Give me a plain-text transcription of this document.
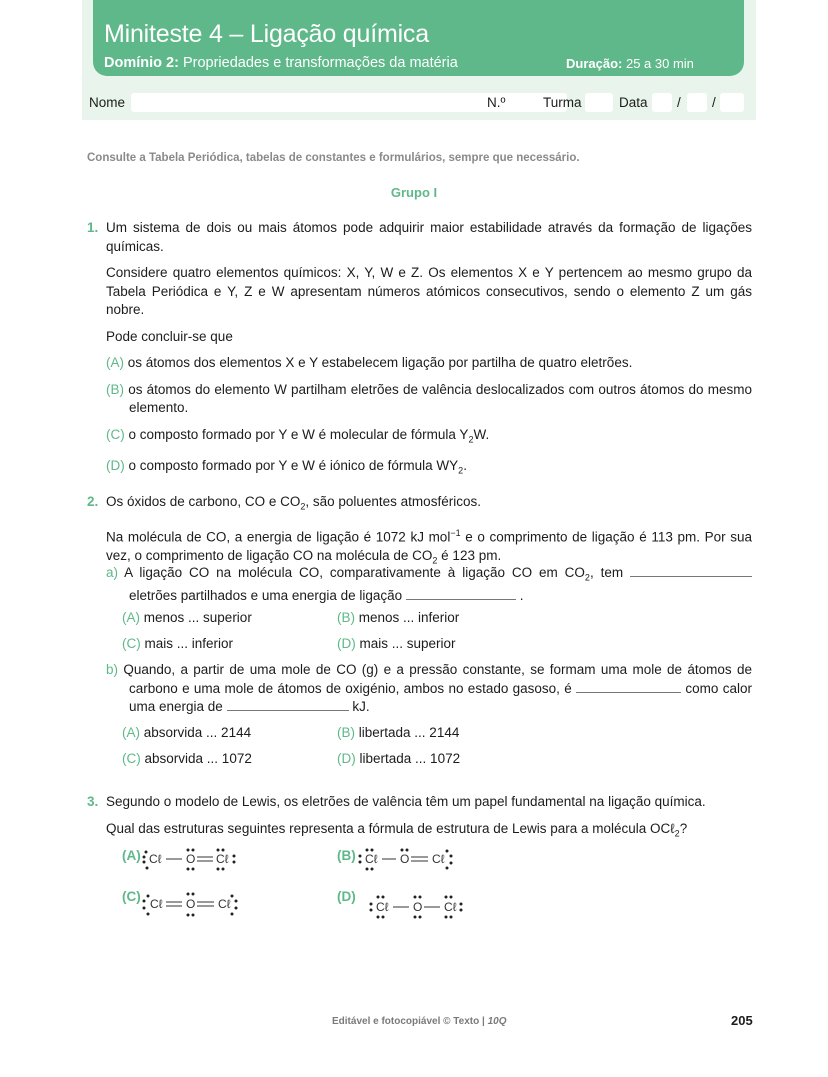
Miniteste 4 – Ligação química
Domínio 2: Propriedades e transformações da matéria	Duração: 25 a 30 min
Nome	N.º	Turma	Data / /
Consulte a Tabela Periódica, tabelas de constantes e formulários, sempre que necessário.
Grupo I
1. Um sistema de dois ou mais átomos pode adquirir maior estabilidade através da formação de ligações químicas.
Considere quatro elementos químicos: X, Y, W e Z. Os elementos X e Y pertencem ao mesmo grupo da Tabela Periódica e Y, Z e W apresentam números atómicos consecutivos, sendo o elemento Z um gás nobre.
Pode concluir-se que
(A) os átomos dos elementos X e Y estabelecem ligação por partilha de quatro eletrões.
(B) os átomos do elemento W partilham eletrões de valência deslocalizados com outros átomos do mesmo elemento.
(C) o composto formado por Y e W é molecular de fórmula $Y_2W$.
(D) o composto formado por Y e W é iónico de fórmula $WY_2$.
2. Os óxidos de carbono, CO e $CO_2$, são poluentes atmosféricos.
Na molécula de CO, a energia de ligação é 1072 kJ mol$^{-1}$ e o comprimento de ligação é 113 pm. Por sua vez, o comprimento de ligação CO na molécula de $CO_2$ é 123 pm.
a) A ligação CO na molécula CO, comparativamente à ligação CO em $CO_2$, tem  eletrões partilhados e uma energia de ligação	.
(A) menos ... superior	(B) menos ... inferior
(C) mais ... inferior	(D) mais ... superior
b) Quando, a partir de uma mole de CO (g) e a pressão constante, se formam uma mole de átomos de carbono e uma mole de átomos de oxigénio, ambos no estado gasoso, é	como calor uma energia de	kJ.
(A) absorvida ... 2144	(B) libertada ... 2144
(C) absorvida ... 1072	(D) libertada ... 1072
3. Segundo o modelo de Lewis, os eletrões de valência têm um papel fundamental na ligação química.
Qual das estruturas seguintes representa a fórmula de estrutura de Lewis para a molécula OCℓ$_2$?
(A) Cℓ O Cℓ	(B) Cℓ O Cℓ
(C) Cℓ O Cℓ	(D)
Cℓ O Cℓ
Editável e fotocopiável © Texto | 10Q	205
